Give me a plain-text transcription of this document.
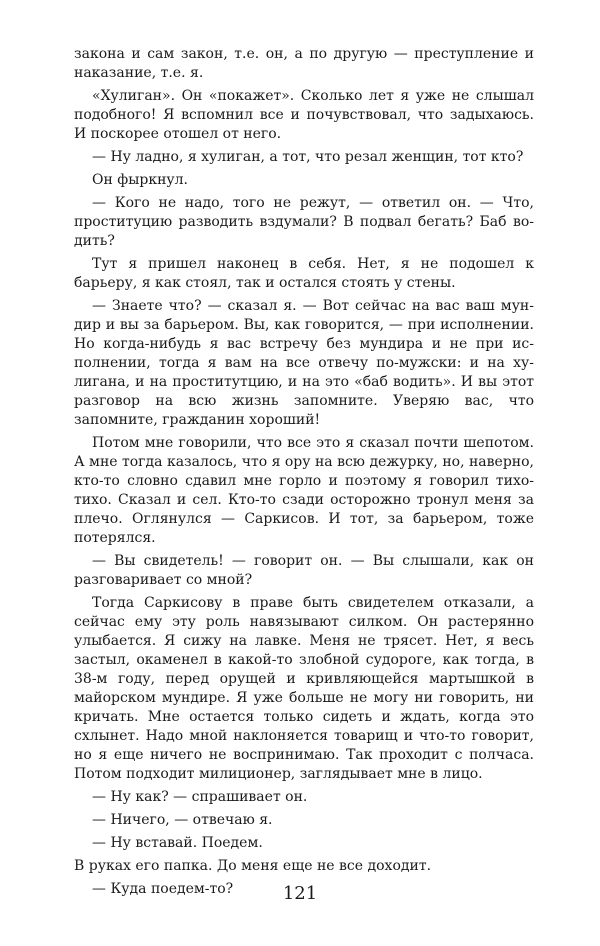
закона и сам закон, т.е. он, а по другую — преступление и наказание, т.е. я.

«Хулиган». Он «покажет». Сколько лет я уже не слышал подобного! Я вспомнил все и почувствовал, что задыхаюсь. И поскорее отошел от него.

— Ну ладно, я хулиган, а тот, что резал женщин, тот кто?

Он фыркнул.

— Кого не надо, того не режут, — ответил он. — Что, проституцию разводить вздумали? В подвал бегать? Баб водить?

Тут я пришел наконец в себя. Нет, я не подошел к барьеру, я как стоял, так и остался стоять у стены.

— Знаете что? — сказал я. — Вот сейчас на вас ваш мундир и вы за барьером. Вы, как говорится, — при исполнении. Но когда-нибудь я вас встречу без мундира и не при исполнении, тогда я вам на все отвечу по-мужски: и на хулигана, и на проститутцию, и на это «баб водить». И вы этот разговор на всю жизнь запомните. Уверяю вас, что запомните, гражданин хороший!

Потом мне говорили, что все это я сказал почти шепотом. А мне тогда казалось, что я ору на всю дежурку, но, наверно, кто-то словно сдавил мне горло и поэтому я говорил тихо-тихо. Сказал и сел. Кто-то сзади осторожно тронул меня за плечо. Оглянулся — Саркисов. И тот, за барьером, тоже потерялся.

— Вы свидетель! — говорит он. — Вы слышали, как он разговаривает со мной?

Тогда Саркисову в праве быть свидетелем отказали, а сейчас ему эту роль навязывают силком. Он растерянно улыбается. Я сижу на лавке. Меня не трясет. Нет, я весь застыл, окаменел в какой-то злобной судороге, как тогда, в 38-м году, перед орущей и кривляющейся мартышкой в майорском мундире. Я уже больше не могу ни говорить, ни кричать. Мне остается только сидеть и ждать, когда это схлынет. Надо мной наклоняется товарищ и что-то говорит, но я еще ничего не воспринимаю. Так проходит с полчаса. Потом подходит милиционер, заглядывает мне в лицо.

— Ну как? — спрашивает он.

— Ничего, — отвечаю я.

— Ну вставай. Поедем.

В руках его папка. До меня еще не все доходит.

— Куда поедем-то?	121
